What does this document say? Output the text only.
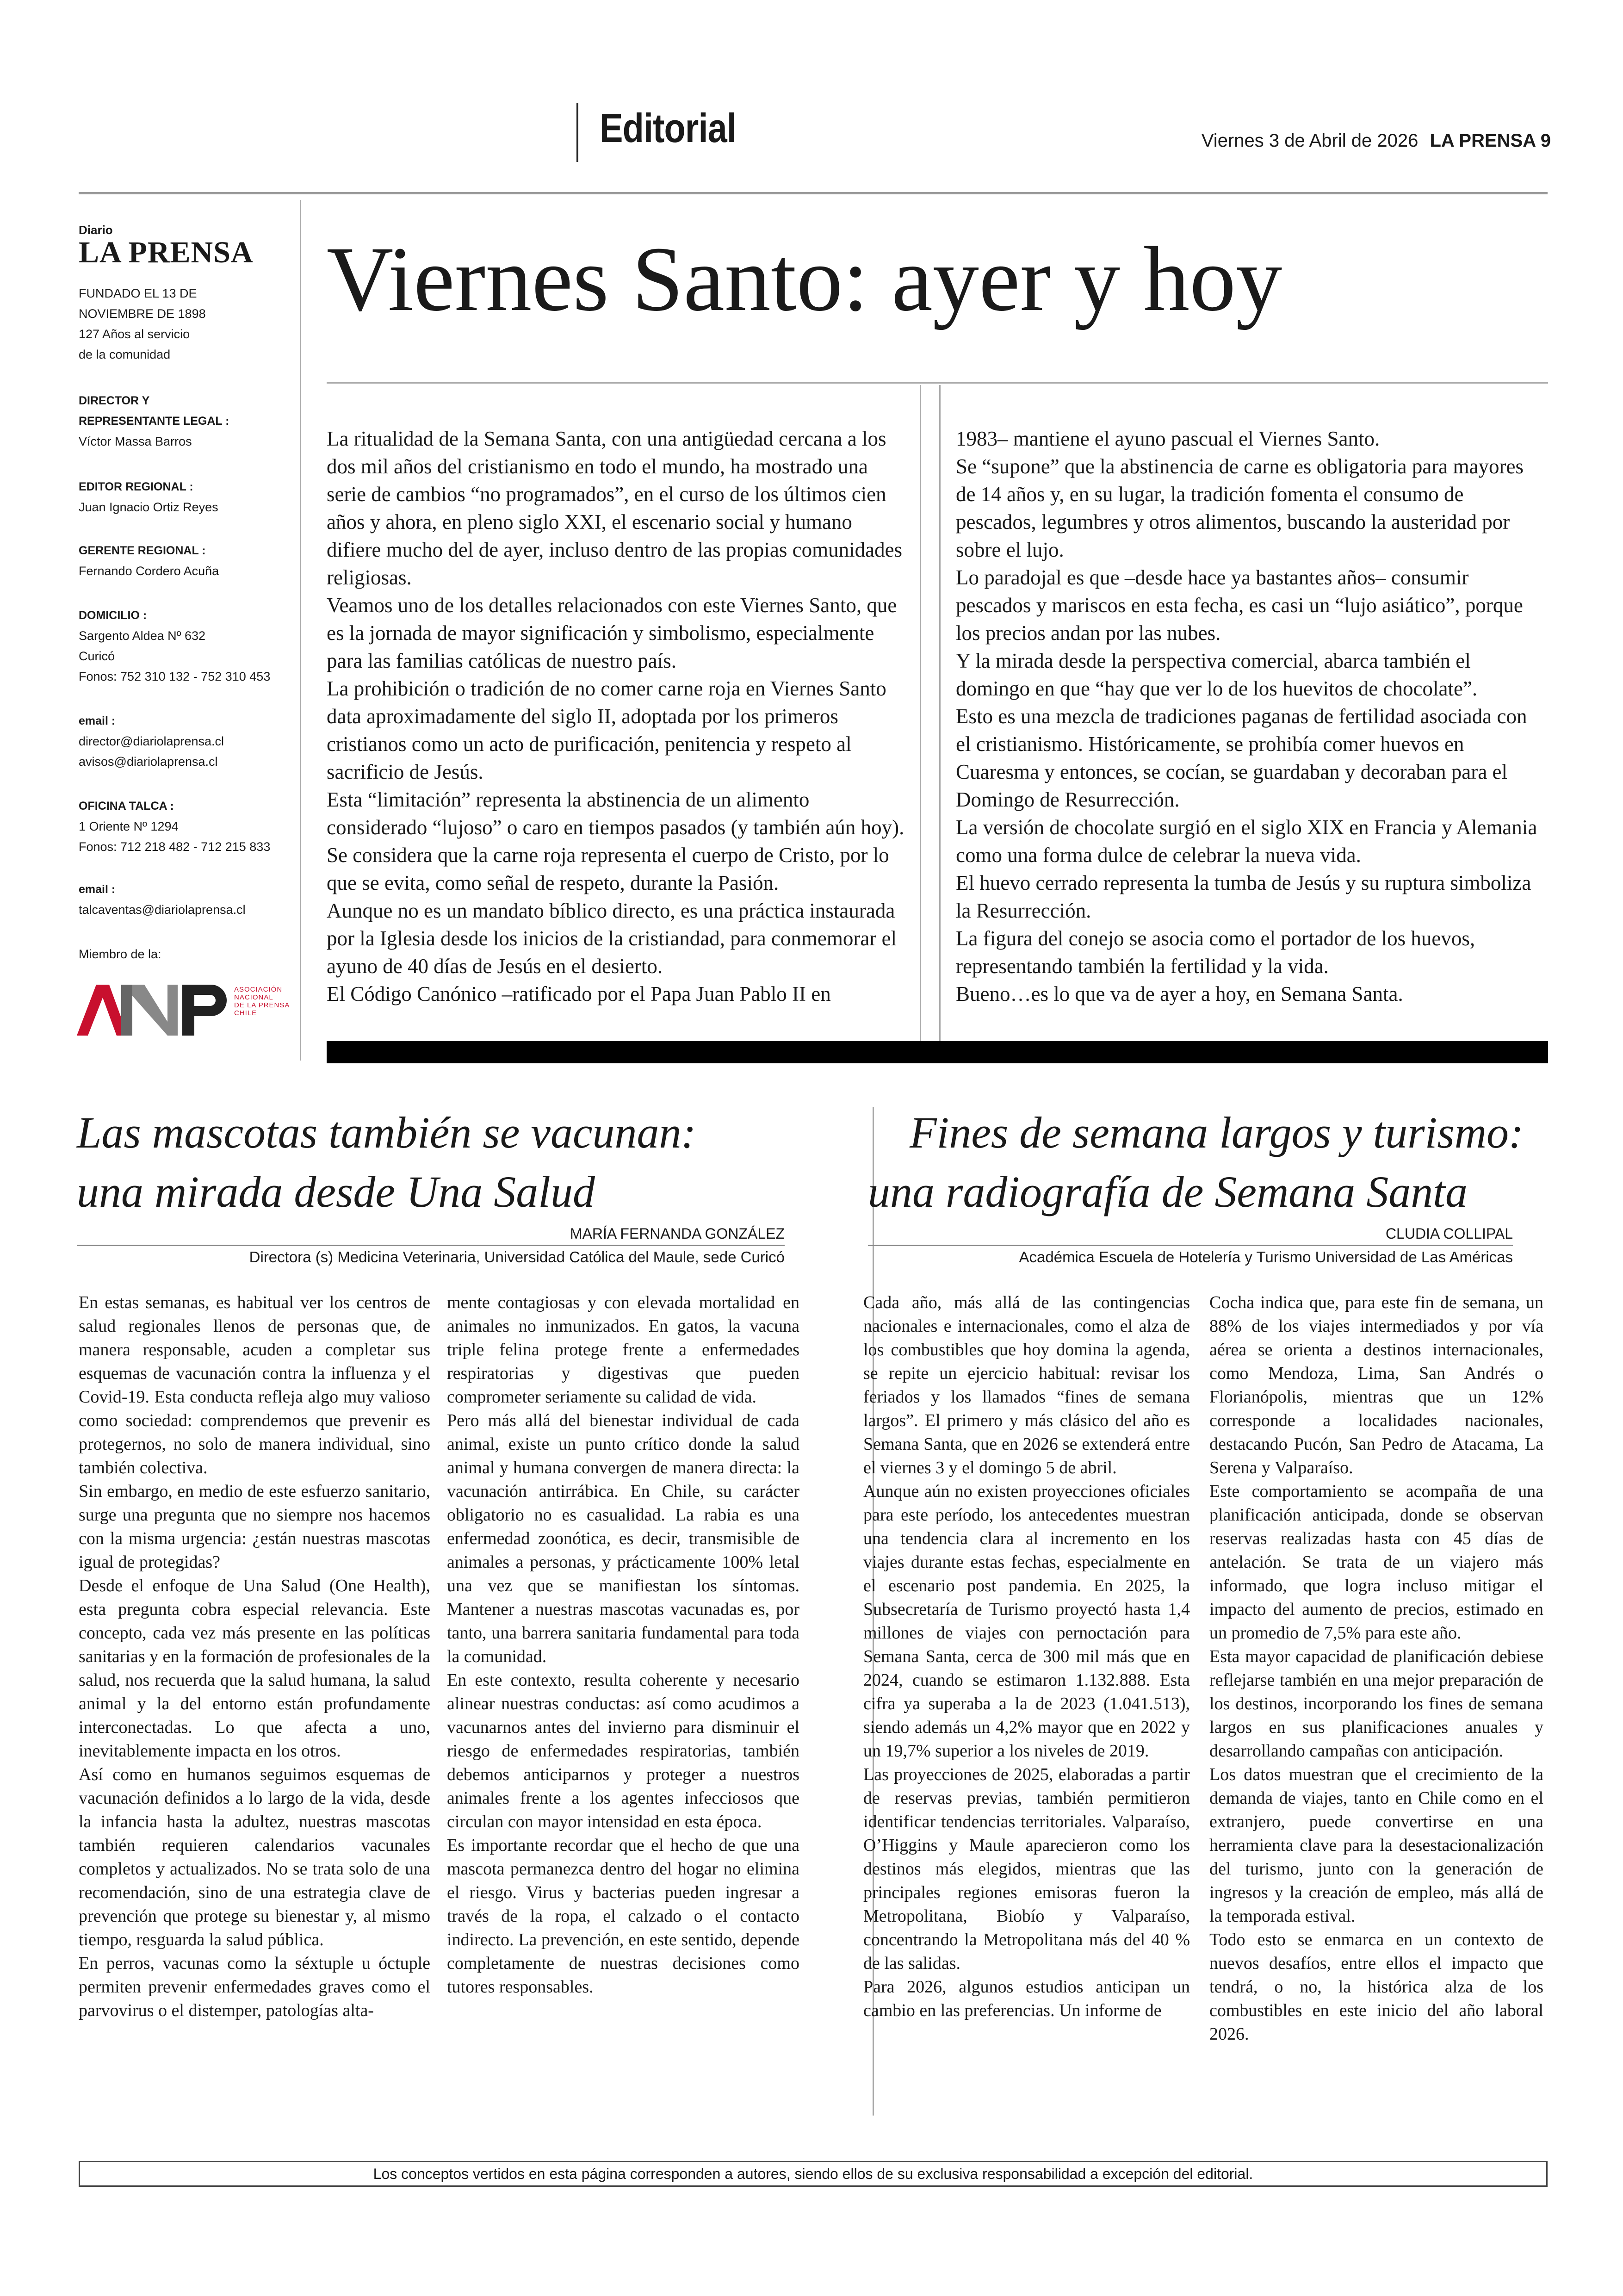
Editorial	Viernes 3 de Abril de 2026 LA PRENSA 9
Diario
LA PRENSA
FUNDADO EL 13 DE
NOVIEMBRE DE 1898
127 Años al servicio
de la comunidad
DIRECTOR Y
REPRESENTANTE LEGAL :
Víctor Massa Barros
EDITOR REGIONAL :
Juan Ignacio Ortiz Reyes
GERENTE REGIONAL :
Fernando Cordero Acuña
DOMICILIO :
Sargento Aldea Nº 632
Curicó
Fonos: 752 310 132 - 752 310 453
email :
director@diariolaprensa.cl
avisos@diariolaprensa.cl
OFICINA TALCA :
1 Oriente Nº 1294
Fonos: 712 218 482 - 712 215 833
email :
talcaventas@diariolaprensa.cl
Miembro de la:
ASOCIACIÓN
NACIONAL
DE LA PRENSA
CHILE
Viernes Santo: ayer y hoy

La ritualidad de la Semana Santa, con una antigüedad cercana a los dos mil años del cristianismo en todo el mundo, ha mostrado una serie de cambios “no programados”, en el curso de los últimos cien años y ahora, en pleno siglo XXI, el escenario social y humano difiere mucho del de ayer, incluso dentro de las propias comunidades religiosas.

Veamos uno de los detalles relacionados con este Viernes Santo, que es la jornada de mayor significación y simbolismo, especialmente para las familias católicas de nuestro país.

La prohibición o tradición de no comer carne roja en Viernes Santo data aproximadamente del siglo II, adoptada por los primeros cristianos como un acto de purificación, penitencia y respeto al sacrificio de Jesús.

Esta “limitación” representa la abstinencia de un alimento considerado “lujoso” o caro en tiempos pasados (y también aún hoy).

Se considera que la carne roja representa el cuerpo de Cristo, por lo que se evita, como señal de respeto, durante la Pasión.

Aunque no es un mandato bíblico directo, es una práctica instaurada por la Iglesia desde los inicios de la cristiandad, para conmemorar el ayuno de 40 días de Jesús en el desierto.

El Código Canónico –ratificado por el Papa Juan Pablo II en

1983– mantiene el ayuno pascual el Viernes Santo.

Se “supone” que la abstinencia de carne es obligatoria para mayores de 14 años y, en su lugar, la tradición fomenta el consumo de pescados, legumbres y otros alimentos, buscando la austeridad por sobre el lujo.

Lo paradojal es que –desde hace ya bastantes años– consumir pescados y mariscos en esta fecha, es casi un “lujo asiático”, porque los precios andan por las nubes.

Y la mirada desde la perspectiva comercial, abarca también el domingo en que “hay que ver lo de los huevitos de chocolate”.

Esto es una mezcla de tradiciones paganas de fertilidad asociada con el cristianismo. Históricamente, se prohibía comer huevos en Cuaresma y entonces, se cocían, se guardaban y decoraban para el Domingo de Resurrección.

La versión de chocolate surgió en el siglo XIX en Francia y Alemania como una forma dulce de celebrar la nueva vida.

El huevo cerrado representa la tumba de Jesús y su ruptura simboliza la Resurrección.

La figura del conejo se asocia como el portador de los huevos, representando también la fertilidad y la vida.

Bueno…es lo que va de ayer a hoy, en Semana Santa.

Las mascotas también se vacunan:
una mirada desde Una Salud
MARÍA FERNANDA GONZÁLEZ
Directora (s) Medicina Veterinaria, Universidad Católica del Maule, sede Curicó

En estas semanas, es habitual ver los centros de salud regionales llenos de personas que, de manera responsable, acuden a completar sus esquemas de vacunación contra la influenza y el Covid-19. Esta conducta refleja algo muy valioso como sociedad: comprendemos que prevenir es protegernos, no solo de manera individual, sino también colectiva.

Sin embargo, en medio de este esfuerzo sanitario, surge una pregunta que no siempre nos hacemos con la misma urgencia: ¿están nuestras mascotas igual de protegidas?

Desde el enfoque de Una Salud (One Health), esta pregunta cobra especial relevancia. Este concepto, cada vez más presente en las políticas sanitarias y en la formación de profesionales de la salud, nos recuerda que la salud humana, la salud animal y la del entorno están profundamente interconectadas. Lo que afecta a uno, inevitablemente impacta en los otros.

Así como en humanos seguimos esquemas de vacunación definidos a lo largo de la vida, desde la infancia hasta la adultez, nuestras mascotas también requieren calendarios vacunales completos y actualizados. No se trata solo de una recomendación, sino de una estrategia clave de prevención que protege su bienestar y, al mismo tiempo, resguarda la salud pública.

En perros, vacunas como la séxtuple u óctuple permiten prevenir enfermedades graves como el parvovirus o el distemper, patologías alta-

mente contagiosas y con elevada mortalidad en animales no inmunizados. En gatos, la vacuna triple felina protege frente a enfermedades respiratorias y digestivas que pueden comprometer seriamente su calidad de vida.

Pero más allá del bienestar individual de cada animal, existe un punto crítico donde la salud animal y humana convergen de manera directa: la vacunación antirrábica. En Chile, su carácter obligatorio no es casualidad. La rabia es una enfermedad zoonótica, es decir, transmisible de animales a personas, y prácticamente 100% letal una vez que se manifiestan los síntomas. Mantener a nuestras mascotas vacunadas es, por tanto, una barrera sanitaria fundamental para toda la comunidad.

En este contexto, resulta coherente y necesario alinear nuestras conductas: así como acudimos a vacunarnos antes del invierno para disminuir el riesgo de enfermedades respiratorias, también debemos anticiparnos y proteger a nuestros animales frente a los agentes infecciosos que circulan con mayor intensidad en esta época.

Es importante recordar que el hecho de que una mascota permanezca dentro del hogar no elimina el riesgo. Virus y bacterias pueden ingresar a través de la ropa, el calzado o el contacto indirecto. La prevención, en este sentido, depende completamente de nuestras decisiones como tutores responsables.

Fines de semana largos y turismo:
una radiografía de Semana Santa
CLUDIA COLLIPAL
Académica Escuela de Hotelería y Turismo Universidad de Las Américas

Cada año, más allá de las contingencias nacionales e internacionales, como el alza de los combustibles que hoy domina la agenda, se repite un ejercicio habitual: revisar los feriados y los llamados “fines de semana largos”. El primero y más clásico del año es Semana Santa, que en 2026 se extenderá entre el viernes 3 y el domingo 5 de abril.

Aunque aún no existen proyecciones oficiales para este período, los antecedentes muestran una tendencia clara al incremento en los viajes durante estas fechas, especialmente en el escenario post pandemia. En 2025, la Subsecretaría de Turismo proyectó hasta 1,4 millones de viajes con pernoctación para Semana Santa, cerca de 300 mil más que en 2024, cuando se estimaron 1.132.888. Esta cifra ya superaba a la de 2023 (1.041.513), siendo además un 4,2% mayor que en 2022 y un 19,7% superior a los niveles de 2019.

Las proyecciones de 2025, elaboradas a partir de reservas previas, también permitieron identificar tendencias territoriales. Valparaíso, O’Higgins y Maule aparecieron como los destinos más elegidos, mientras que las principales regiones emisoras fueron la Metropolitana, Biobío y Valparaíso, concentrando la Metropolitana más del 40 % de las salidas.

Para 2026, algunos estudios anticipan un cambio en las preferencias. Un informe de

Cocha indica que, para este fin de semana, un 88% de los viajes intermediados y por vía aérea se orienta a destinos internacionales, como Mendoza, Lima, San Andrés o Florianópolis, mientras que un 12% corresponde a localidades nacionales, destacando Pucón, San Pedro de Atacama, La Serena y Valparaíso.

Este comportamiento se acompaña de una planificación anticipada, donde se observan reservas realizadas hasta con 45 días de antelación. Se trata de un viajero más informado, que logra incluso mitigar el impacto del aumento de precios, estimado en un promedio de 7,5% para este año.

Esta mayor capacidad de planificación debiese reflejarse también en una mejor preparación de los destinos, incorporando los fines de semana largos en sus planificaciones anuales y desarrollando campañas con anticipación.

Los datos muestran que el crecimiento de la demanda de viajes, tanto en Chile como en el extranjero, puede convertirse en una herramienta clave para la desestacionalización del turismo, junto con la generación de ingresos y la creación de empleo, más allá de la temporada estival.

Todo esto se enmarca en un contexto de nuevos desafíos, entre ellos el impacto que tendrá, o no, la histórica alza de los combustibles en este inicio del año laboral 2026.

Los conceptos vertidos en esta página corresponden a autores, siendo ellos de su exclusiva responsabilidad a excepción del editorial.
